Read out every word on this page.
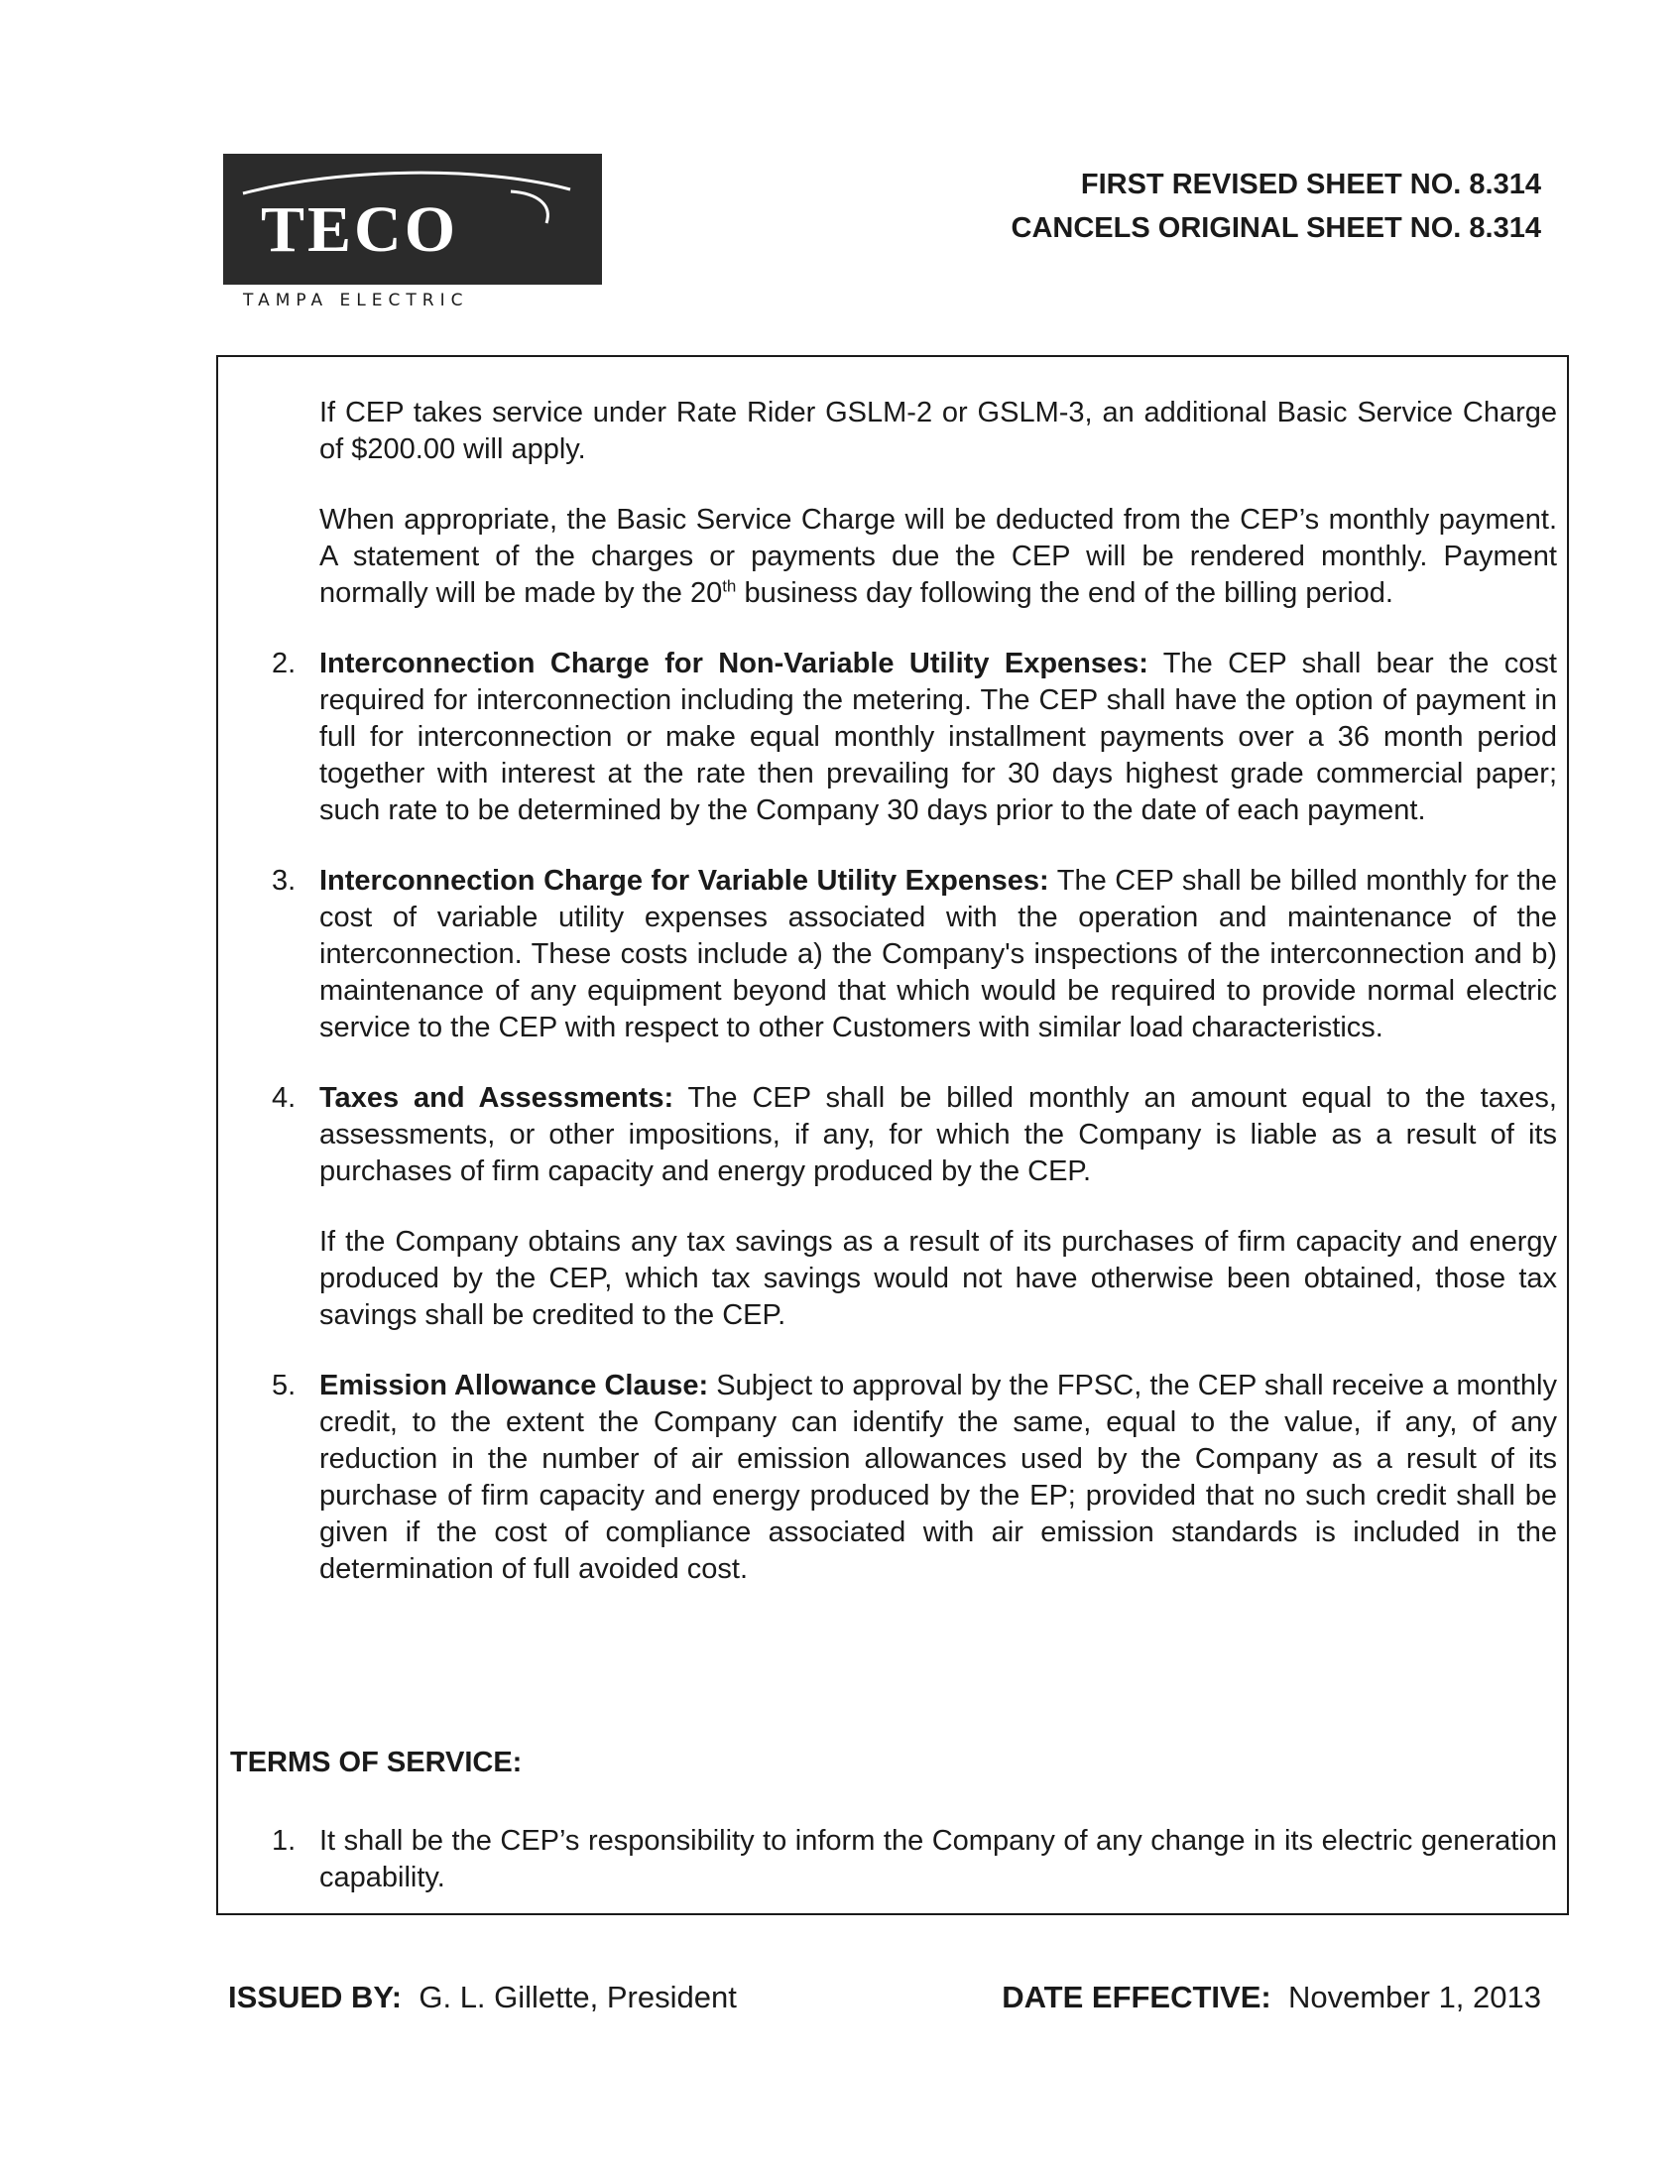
TECO
TAMPA ELECTRIC
FIRST REVISED SHEET NO. 8.314
CANCELS ORIGINAL SHEET NO. 8.314

If CEP takes service under Rate Rider GSLM-2 or GSLM-3, an additional Basic Service Charge of $200.00 will apply.

When appropriate, the Basic Service Charge will be deducted from the CEP’s monthly payment. A statement of the charges or payments due the CEP will be rendered monthly. Payment normally will be made by the 20th business day following the end of the billing period.

2. Interconnection Charge for Non-Variable Utility Expenses: The CEP shall bear the cost required for interconnection including the metering. The CEP shall have the option of payment in full for interconnection or make equal monthly installment payments over a 36 month period together with interest at the rate then prevailing for 30 days highest grade commercial paper; such rate to be determined by the Company 30 days prior to the date of each payment.

3. Interconnection Charge for Variable Utility Expenses: The CEP shall be billed monthly for the cost of variable utility expenses associated with the operation and maintenance of the interconnection. These costs include a) the Company's inspections of the interconnection and b) maintenance of any equipment beyond that which would be required to provide normal electric service to the CEP with respect to other Customers with similar load characteristics.

4. Taxes and Assessments: The CEP shall be billed monthly an amount equal to the taxes, assessments, or other impositions, if any, for which the Company is liable as a result of its purchases of firm capacity and energy produced by the CEP.

If the Company obtains any tax savings as a result of its purchases of firm capacity and energy produced by the CEP, which tax savings would not have otherwise been obtained, those tax savings shall be credited to the CEP.

5. Emission Allowance Clause: Subject to approval by the FPSC, the CEP shall receive a monthly credit, to the extent the Company can identify the same, equal to the value, if any, of any reduction in the number of air emission allowances used by the Company as a result of its purchase of firm capacity and energy produced by the EP; provided that no such credit shall be given if the cost of compliance associated with air emission standards is included in the determination of full avoided cost.

TERMS OF SERVICE:
1. It shall be the CEP’s responsibility to inform the Company of any change in its electric generation capability.
ISSUED BY:  G. L. Gillette, President	DATE EFFECTIVE:  November 1, 2013
